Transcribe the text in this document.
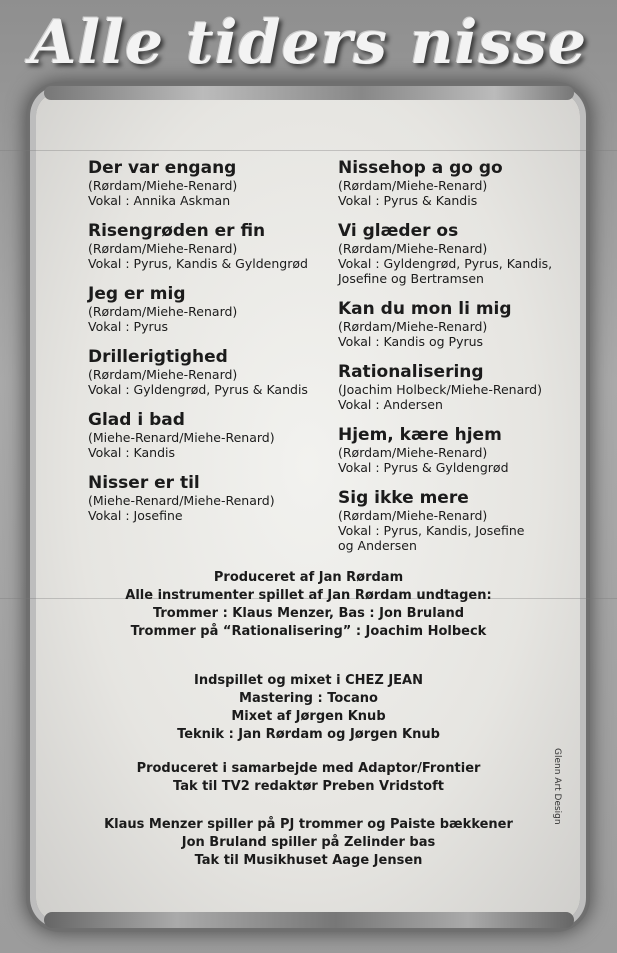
Alle tiders nisse
Der var engang
(Rørdam/Miehe-Renard)
Vokal : Annika Askman
Risengrøden er fin
(Rørdam/Miehe-Renard)
Vokal : Pyrus, Kandis & Gyldengrød
Jeg er mig
(Rørdam/Miehe-Renard)
Vokal : Pyrus
Drillerigtighed
(Rørdam/Miehe-Renard)
Vokal : Gyldengrød, Pyrus & Kandis
Glad i bad
(Miehe-Renard/Miehe-Renard)
Vokal : Kandis
Nisser er til
(Miehe-Renard/Miehe-Renard)
Vokal : Josefine
Nissehop a go go
(Rørdam/Miehe-Renard)
Vokal : Pyrus & Kandis
Vi glæder os
(Rørdam/Miehe-Renard)
Vokal : Gyldengrød, Pyrus, Kandis,
Josefine og Bertramsen
Kan du mon li mig
(Rørdam/Miehe-Renard)
Vokal : Kandis og Pyrus
Rationalisering
(Joachim Holbeck/Miehe-Renard)
Vokal : Andersen
Hjem, kære hjem
(Rørdam/Miehe-Renard)
Vokal : Pyrus & Gyldengrød
Sig ikke mere
(Rørdam/Miehe-Renard)
Vokal : Pyrus, Kandis, Josefine
og Andersen
Produceret af Jan Rørdam
Alle instrumenter spillet af Jan Rørdam undtagen:
Trommer : Klaus Menzer, Bas : Jon Bruland
Trommer på “Rationalisering” : Joachim Holbeck
Indspillet og mixet i CHEZ JEAN
Mastering : Tocano
Mixet af Jørgen Knub
Teknik : Jan Rørdam og Jørgen Knub
Produceret i samarbejde med Adaptor/Frontier
Tak til TV2 redaktør Preben Vridstoft
Klaus Menzer spiller på PJ trommer og Paiste bækkener
Jon Bruland spiller på Zelinder bas
Tak til Musikhuset Aage Jensen
Glenn Art Design
